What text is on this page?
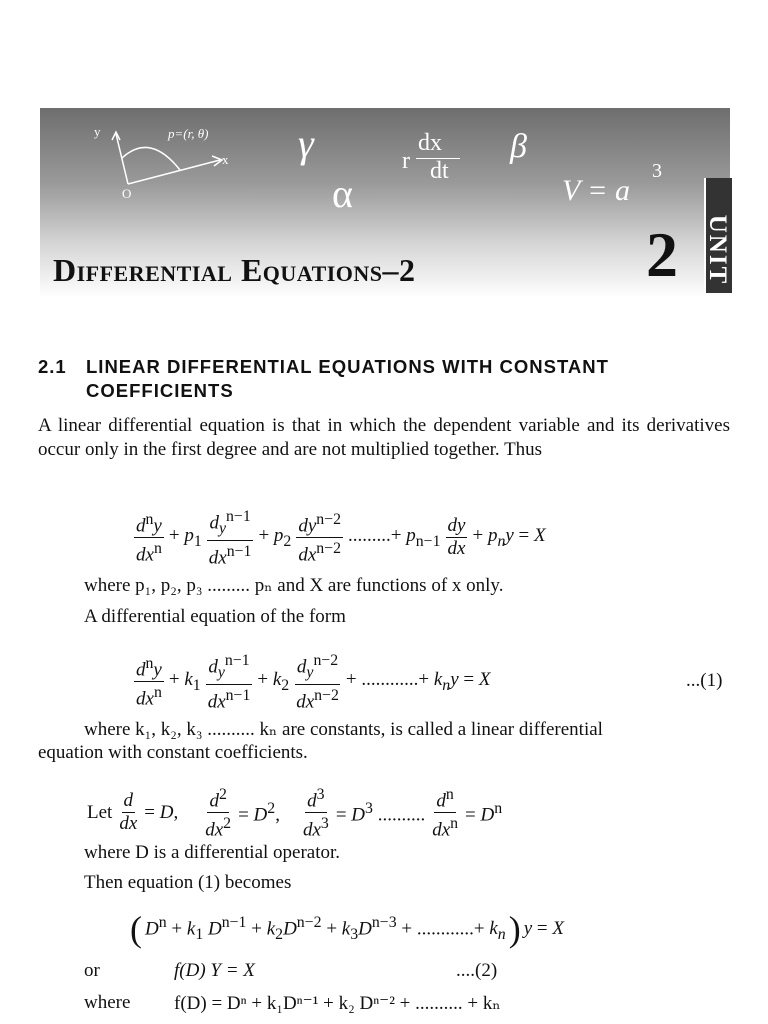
y
x
O
p=(r, θ) γ
α
r
dx
dt
β
V = a
3
UNIT
2
Differential Equations–2
2.1 LINEAR DIFFERENTIAL EQUATIONS WITH CONSTANT
COEFFICIENTS
A linear differential equation is that in which the dependent variable and its derivatives occur only in the first degree and are not multiplied together. Thus
$\frac{d^ny}{dx^n} + p_1 \frac{d_y^{n-1}}{dx^{n-1}} + p_2 \frac{dy^{n-2}}{dx^{n-2}}$ .........+ $p_{n-1} \frac{dy}{dx} + p_ny = X$
where p₁, p₂, p₃ ......... pₙ and X are functions of x only.
A differential equation of the form
$\frac{d^ny}{dx^n} + k_1 \frac{d_y^{n-1}}{dx^{n-1}} + k_2 \frac{d_y^{n-2}}{dx^{n-2}}$ + ............+ $k_ny = X$	...(1)
where k₁, k₂, k₃ .......... kₙ are constants, is called a linear differential
equation with constant coefficients.
Let $\frac{d}{dx} = D$, $\frac{d^2}{dx^2} = D^2$, $\frac{d^3}{dx^3} = D^3$ .......... $\frac{d^n}{dx^n} = D^n$
where D is a differential operator.
Then equation (1) becomes
( $D^n + k_1$ $D^{n-1} + k_2D^{n-2} + k_3D^{n-3}$ + ............+ $k_n$ ) y = X
or	f(D) Y = X	....(2)
where f(D) = Dⁿ + k₁Dⁿ⁻¹ + k₂ Dⁿ⁻² + .......... + kₙ
